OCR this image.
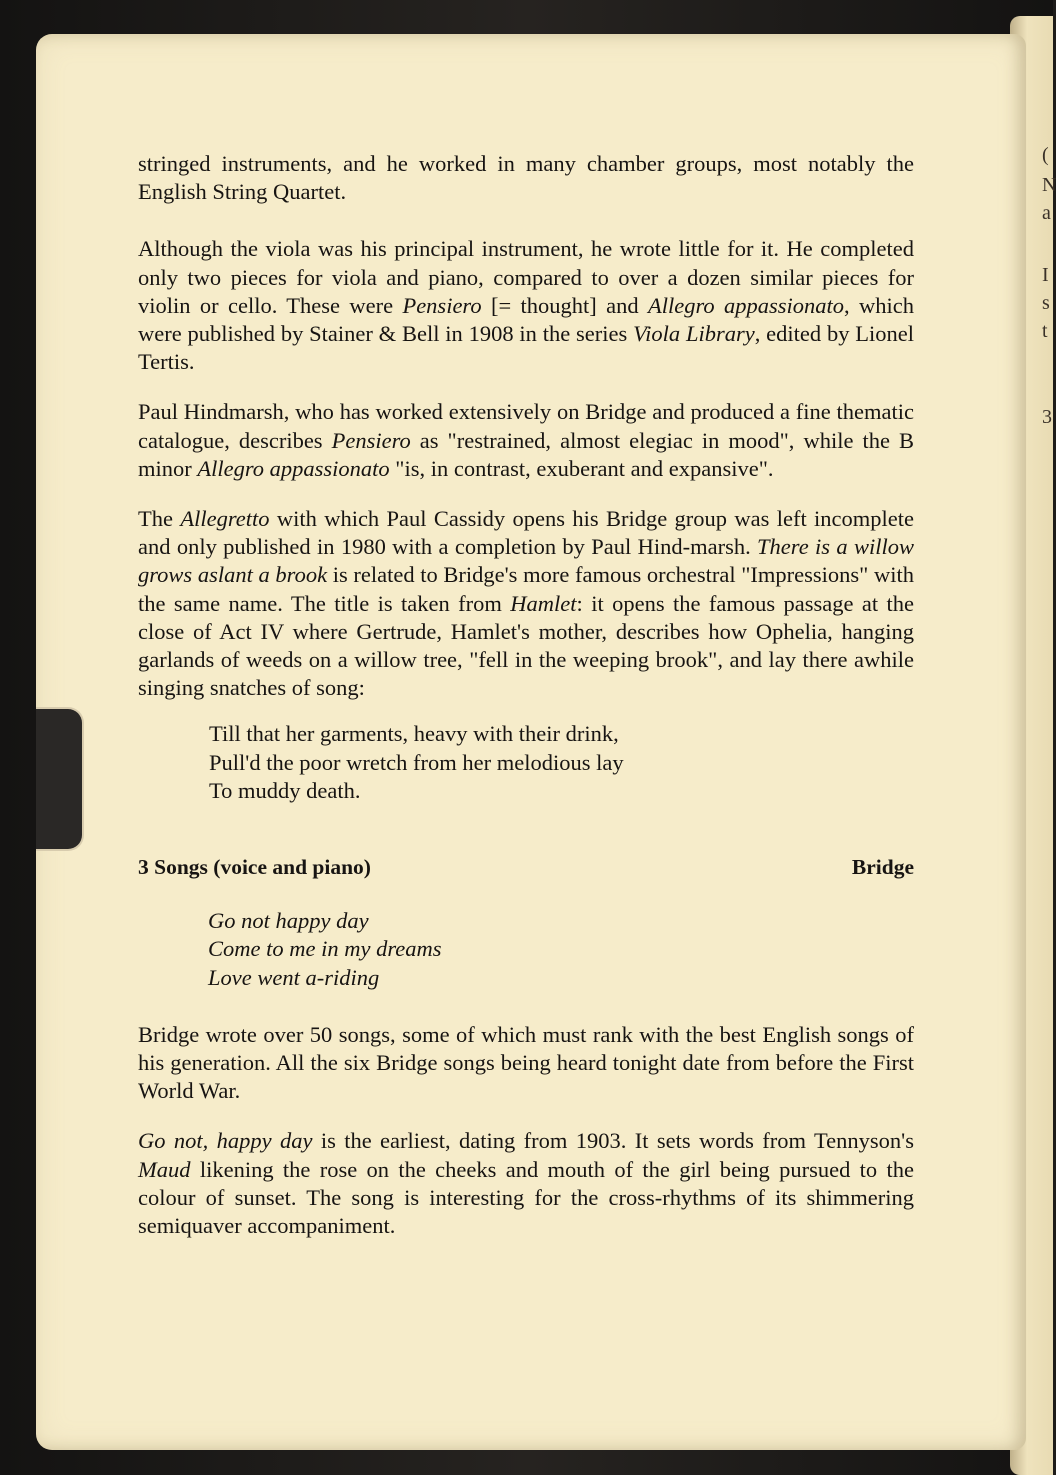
(
N
a
I
s
t
3

stringed instruments, and he worked in many chamber groups, most notably the English String Quartet.

Although the viola was his principal instrument, he wrote little for it. He completed only two pieces for viola and piano, compared to over a dozen similar pieces for violin or cello. These were Pensiero [= thought] and Allegro appassionato, which were published by Stainer & Bell in 1908 in the series Viola Library, edited by Lionel Tertis.

Paul Hindmarsh, who has worked extensively on Bridge and produced a fine thematic catalogue, describes Pensiero as "restrained, almost elegiac in mood", while the B minor Allegro appassionato "is, in contrast, exuberant and expansive".

The Allegretto with which Paul Cassidy opens his Bridge group was left incomplete and only published in 1980 with a completion by Paul Hind-marsh. There is a willow grows aslant a brook is related to Bridge's more famous orchestral "Impressions" with the same name. The title is taken from Hamlet: it opens the famous passage at the close of Act IV where Gertrude, Hamlet's mother, describes how Ophelia, hanging garlands of weeds on a willow tree, "fell in the weeping brook", and lay there awhile singing snatches of song:

Till that her garments, heavy with their drink,
Pull'd the poor wretch from her melodious lay
To muddy death.
3 Songs (voice and piano)	Bridge
Go not happy day
Come to me in my dreams
Love went a-riding

Bridge wrote over 50 songs, some of which must rank with the best English songs of his generation. All the six Bridge songs being heard tonight date from before the First World War.

Go not, happy day is the earliest, dating from 1903. It sets words from Tennyson's Maud likening the rose on the cheeks and mouth of the girl being pursued to the colour of sunset. The song is interesting for the cross-rhythms of its shimmering semiquaver accompaniment.
